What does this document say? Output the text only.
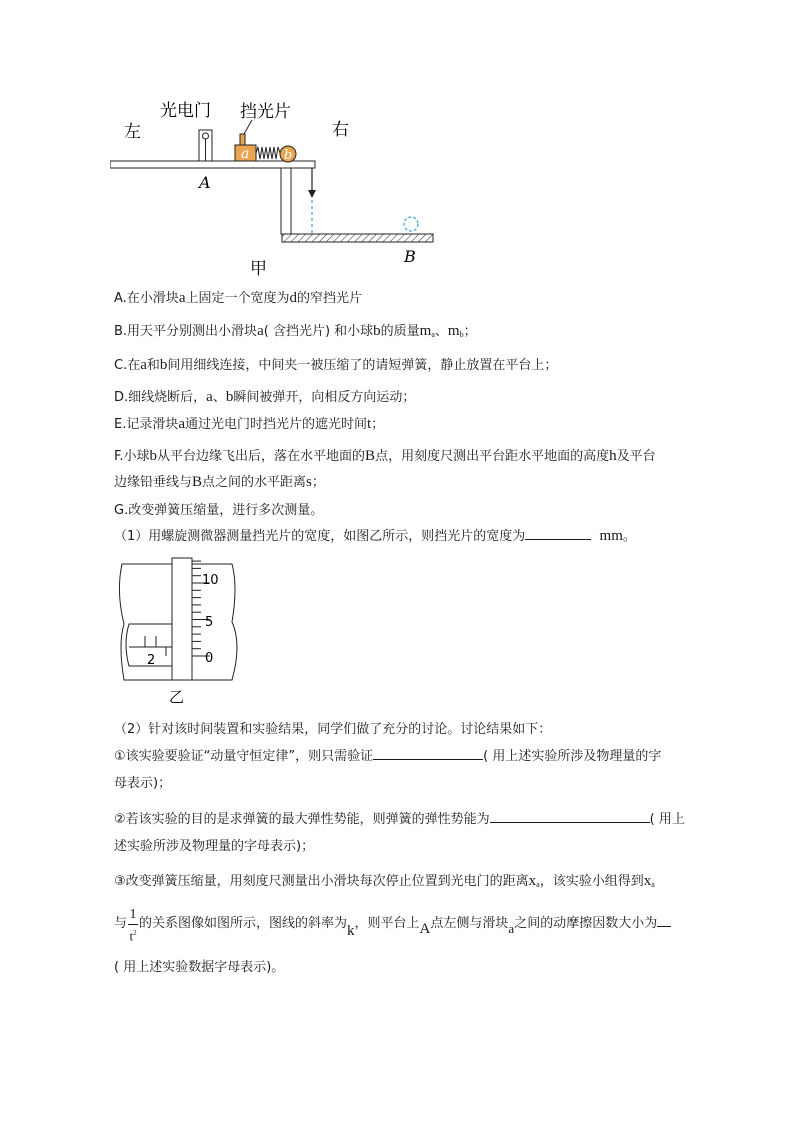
左	右
光电门 挡光片
a	b
A
B
甲
A.在小滑块a上固定一个宽度为d的窄挡光片
B.用天平分别测出小滑块a( 含挡光片) 和小球b的质量$m_a$、$m_b$；
C.在a和b间用细线连接，中间夹一被压缩了的请短弹簧，静止放置在平台上；
D.细线烧断后，a、b瞬间被弹开，向相反方向运动；
E.记录滑块a通过光电门时挡光片的遮光时间t；
F.小球b从平台边缘飞出后，落在水平地面的B点，用刻度尺测出平台距水平地面的高度h及平台
边缘铅垂线与B点之间的水平距离s；
G.改变弹簧压缩量，进行多次测量。
（1）用螺旋测微器测量挡光片的宽度，如图乙所示，则挡光片的宽度为	mm。
2
10
5
0
乙
（2）针对该时间装置和实验结果，同学们做了充分的讨论。讨论结果如下：
①该实验要验证“动量守恒定律”，则只需验证	( 用上述实验所涉及物理量的字
母表示)；
②若该实验的目的是求弹簧的最大弹性势能，则弹簧的弹性势能为	( 用上
述实验所涉及物理量的字母表示)；
③改变弹簧压缩量，用刻度尺测量出小滑块每次停止位置到光电门的距离$x_a$，该实验小组得到$x_a$
与 $\frac{1}{t^2}$ 的关系图像如图所示，图线的斜率为k，则平台上A点左侧与滑块a之间的动摩擦因数大小为
( 用上述实验数据字母表示)。
